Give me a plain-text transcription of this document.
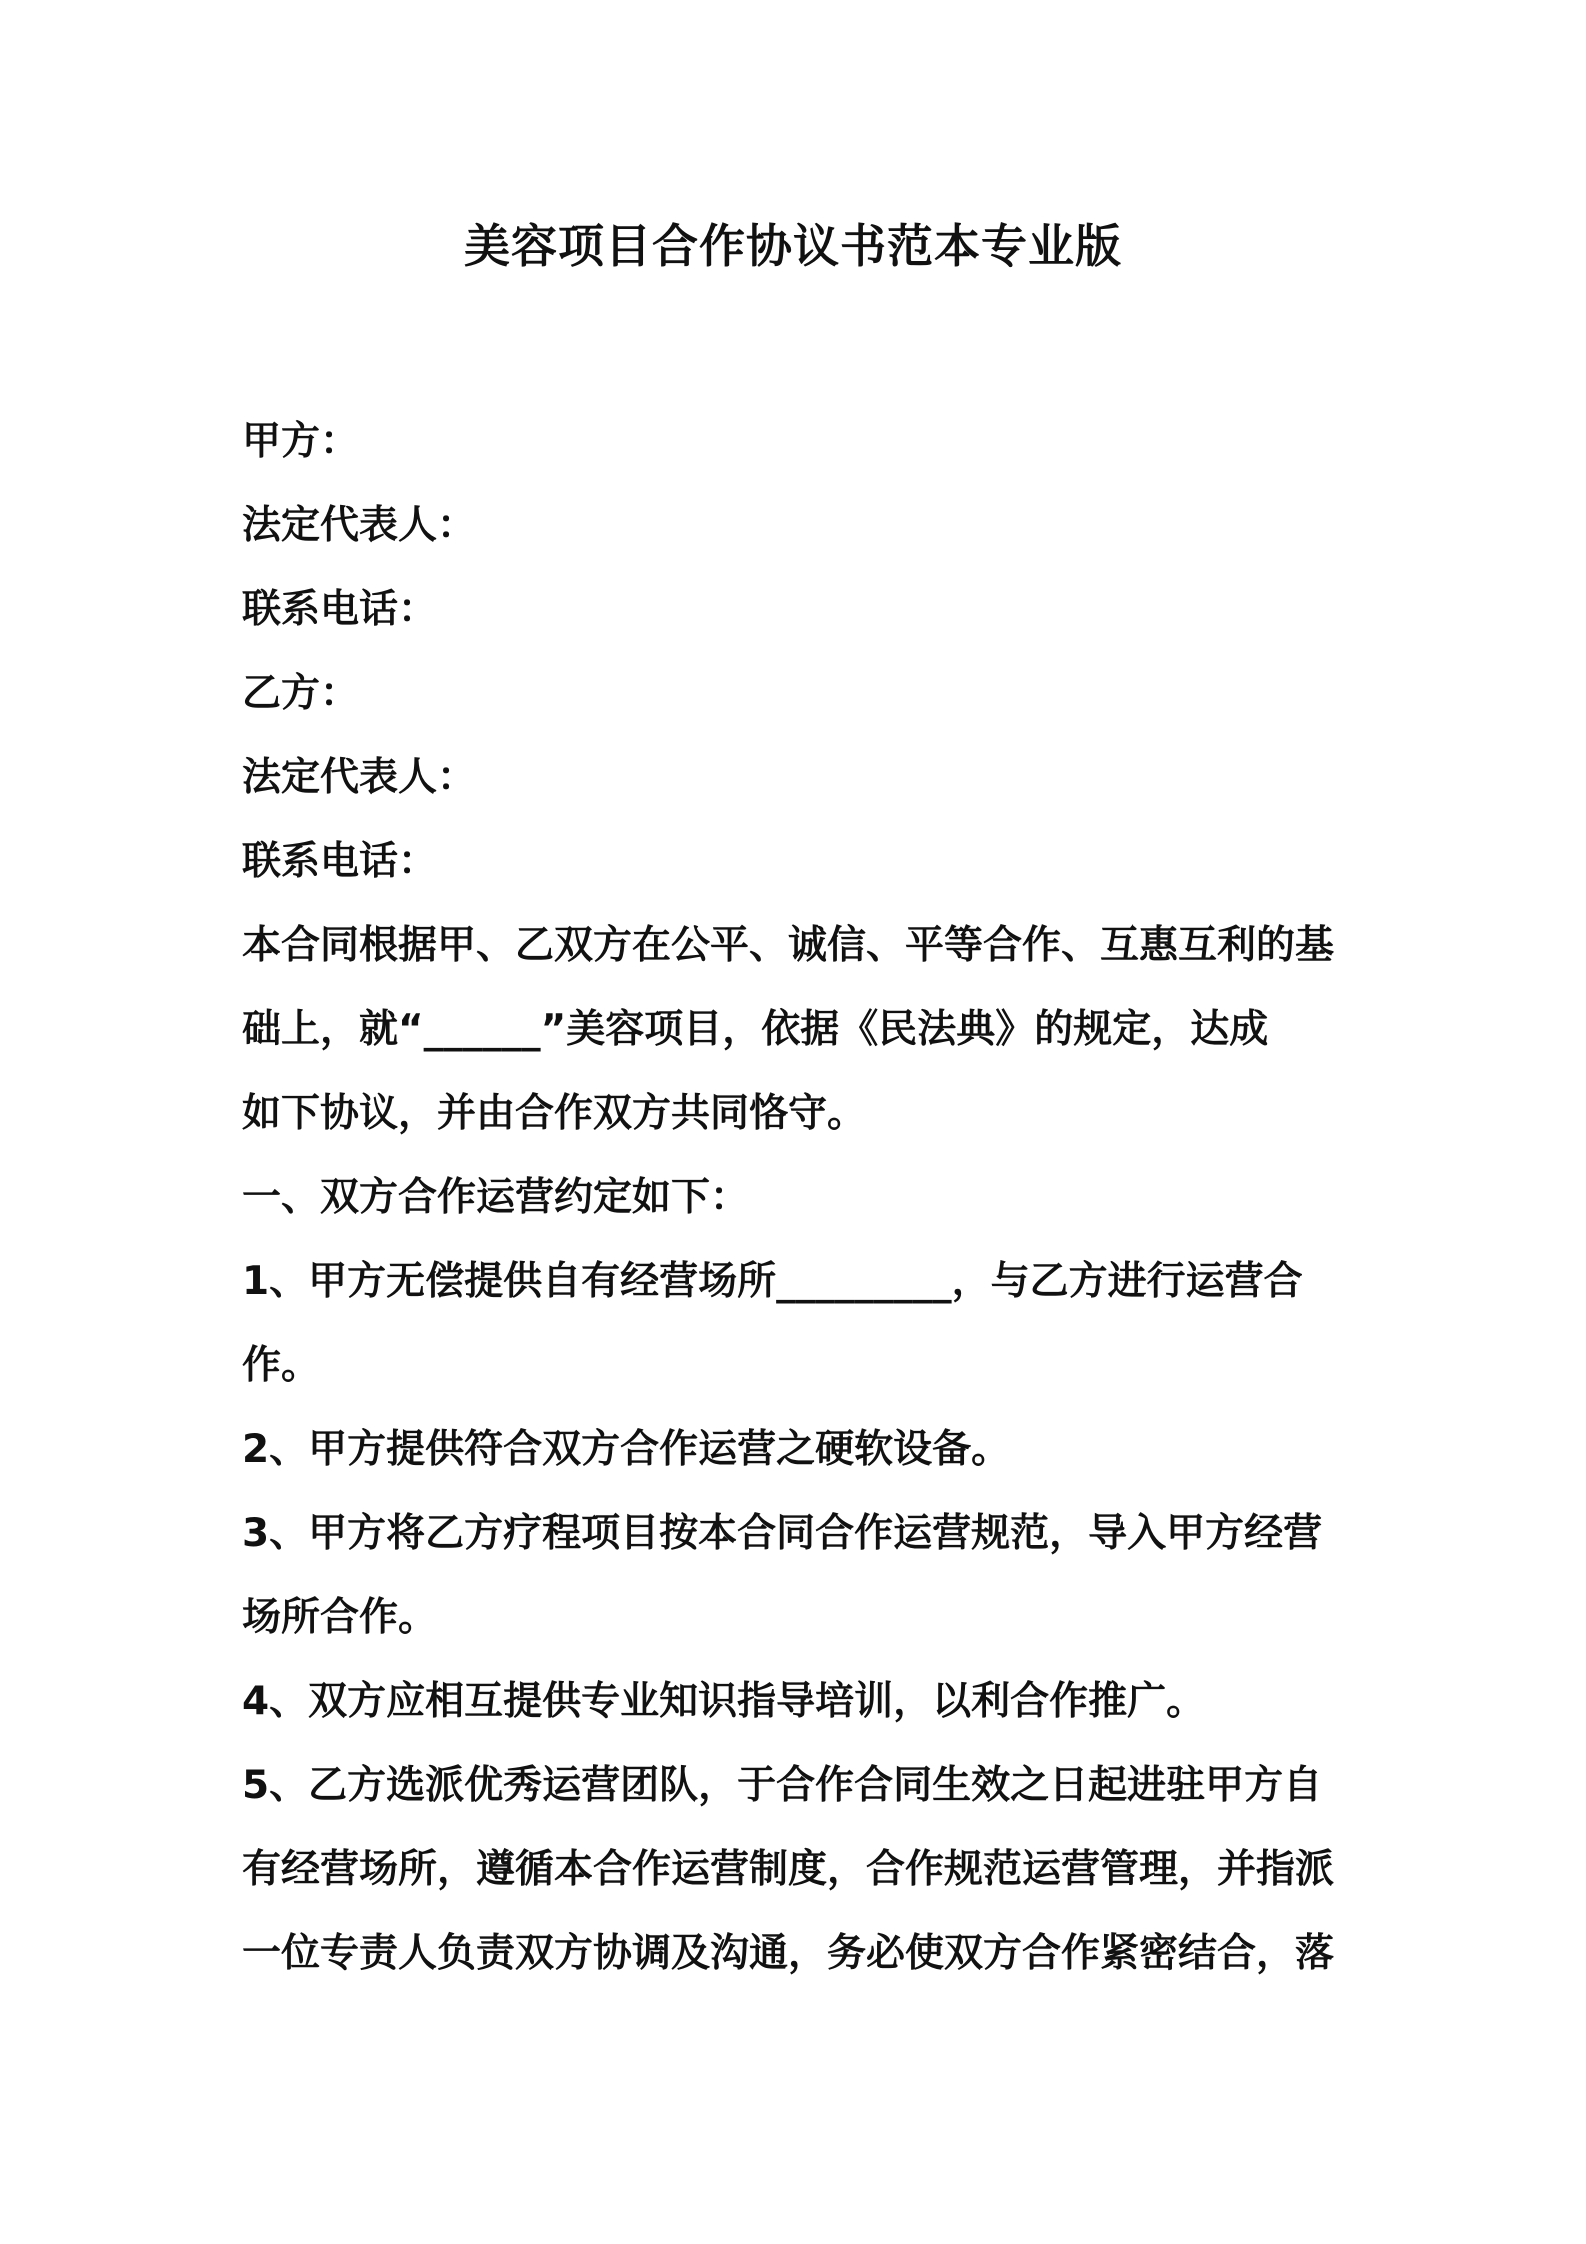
美容项目合作协议书范本专业版
甲方：
法定代表人：
联系电话：
乙方：
法定代表人：
联系电话：
本合同根据甲、乙双方在公平、诚信、平等合作、互惠互利的基
础上，就“______”美容项目，依据《民法典》的规定，达成
如下协议，并由合作双方共同恪守。
一、双方合作运营约定如下：
1、甲方无偿提供自有经营场所_________，与乙方进行运营合
作。
2、甲方提供符合双方合作运营之硬软设备。
3、甲方将乙方疗程项目按本合同合作运营规范，导入甲方经营
场所合作。
4、双方应相互提供专业知识指导培训，以利合作推广。
5、乙方选派优秀运营团队，于合作合同生效之日起进驻甲方自
有经营场所，遵循本合作运营制度，合作规范运营管理，并指派
一位专责人负责双方协调及沟通，务必使双方合作紧密结合，落
